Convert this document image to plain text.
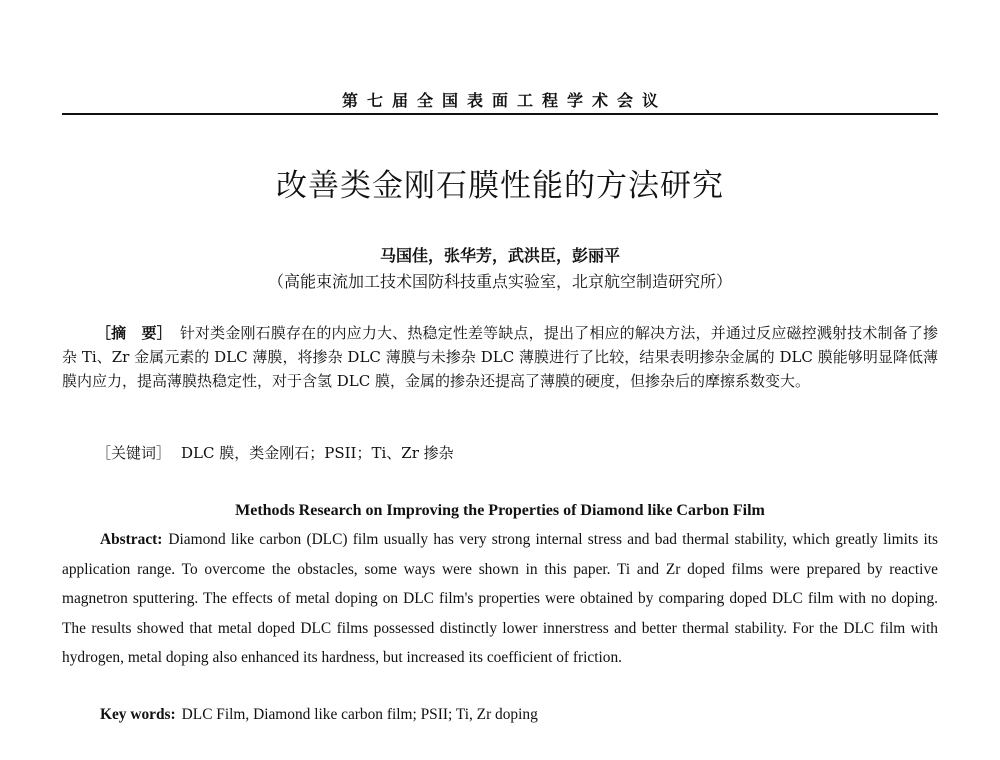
第七届全国表面工程学术会议
改善类金刚石膜性能的方法研究
马国佳，张华芳，武洪臣，彭丽平
（高能束流加工技术国防科技重点实验室，北京航空制造研究所）
［摘　要］ 针对类金刚石膜存在的内应力大、热稳定性差等缺点，提出了相应的解决方法，并通过反应磁控溅射技术制备了掺杂 Ti、Zr 金属元素的 DLC 薄膜，将掺杂 DLC 薄膜与未掺杂 DLC 薄膜进行了比较，结果表明掺杂金属的 DLC 膜能够明显降低薄膜内应力，提高薄膜热稳定性，对于含氢 DLC 膜，金属的掺杂还提高了薄膜的硬度，但掺杂后的摩擦系数变大。
［关键词］ DLC 膜，类金刚石；PSII；Ti、Zr 掺杂
Methods Research on Improving the Properties of Diamond like Carbon Film
Abstract: Diamond like carbon (DLC) film usually has very strong internal stress and bad thermal stability, which greatly limits its application range. To overcome the obstacles, some ways were shown in this paper. Ti and Zr doped films were prepared by reactive magnetron sputtering. The effects of metal doping on DLC film's properties were obtained by comparing doped DLC film with no doping. The results showed that metal doped DLC films possessed distinctly lower innerstress and better thermal stability. For the DLC film with hydrogen, metal doping also enhanced its hardness, but increased its coefficient of friction.
Key words: DLC Film, Diamond like carbon film; PSII; Ti, Zr doping
